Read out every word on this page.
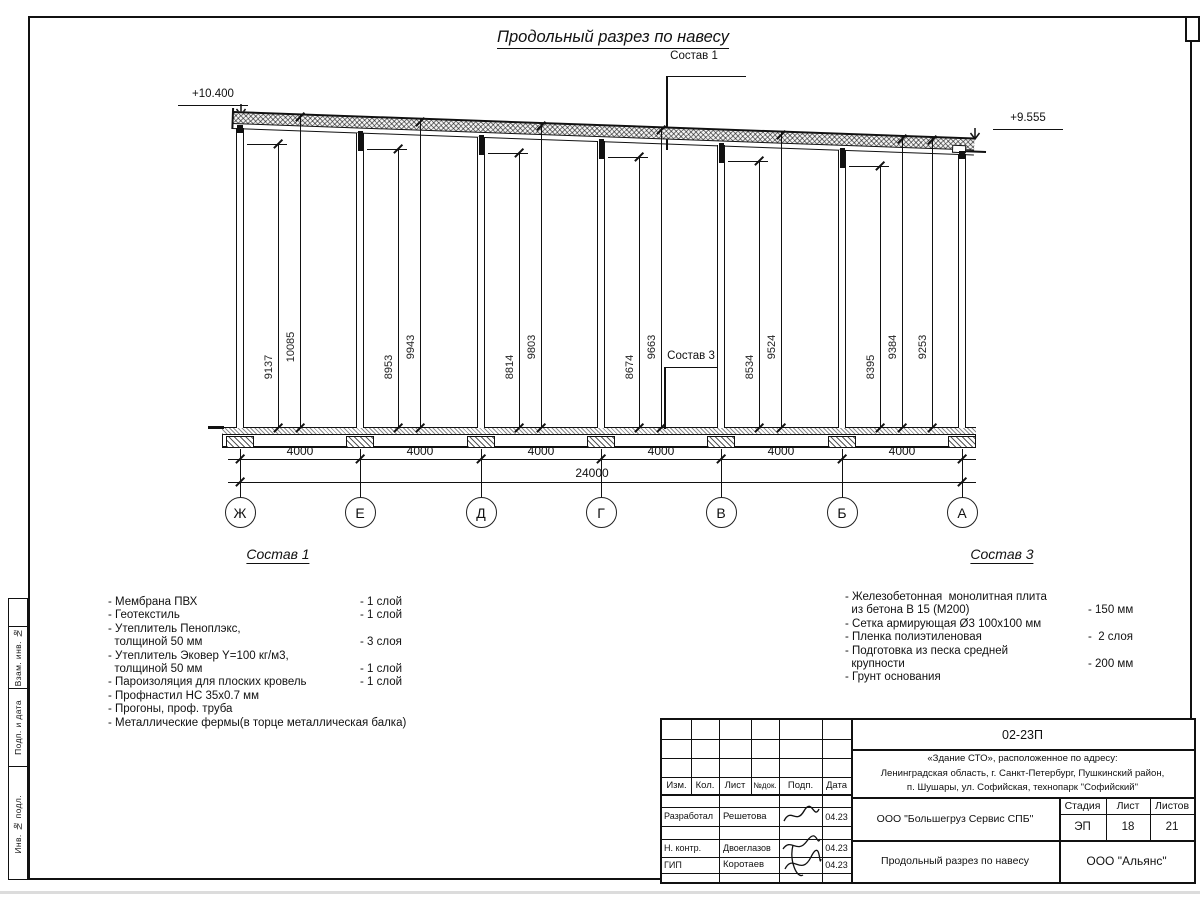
Взам. инв. №
Подп. и дата
Инв. № подл.
Продольный разрез по навесу
Состав 1
Состав 3
+10.400
+9.555
Состав 1
- Мембрана ПВХ	- 1 слой
- Геотекстиль	- 1 слой
- Утеплитель Пеноплэкс,
толщиной 50 мм	- 3 слоя
- Утеплитель Эковер Y=100 кг/м3,
толщиной 50 мм	- 1 слой
- Пароизоляция для плоских кровель	- 1 слой
- Профнастил НС 35х0.7 мм
- Прогоны, проф. труба
- Металлические фермы(в торце металлическая балка)
Состав 3
- Железобетонная  монолитная плита
из бетона В 15 (М200)	- 150 мм
- Сетка армирующая Ø3 100х100 мм
- Пленка полиэтиленовая	-  2 слоя
- Подготовка из песка средней
крупности	- 200 мм
- Грунт основания
02-23П
«Здание СТО», расположенное по адресу:
Ленинградская область, г. Санкт-Петербург, Пушкинский район,
п. Шушары, ул. Софийская, технопарк "Софийский"
Изм. Кол.	Лист №док.	Подп.	Дата
Разработал	Решетова	04.23
Н. контр.	Двоеглазов	04.23
ГИП	Коротаев	04.23
ООО "Большегруз Сервис СПБ"
Стадия	Лист	Листов
ЭП	18	21
Продольный разрез по навесу	ООО "Альянс"
Ж	Е	Д	Г	В	Б	А
4000	4000	4000	4000	4000	4000
24000
9137
10085
8953
9943
8814
9803
8674
9663
8534
9524
8395
9384 9253
